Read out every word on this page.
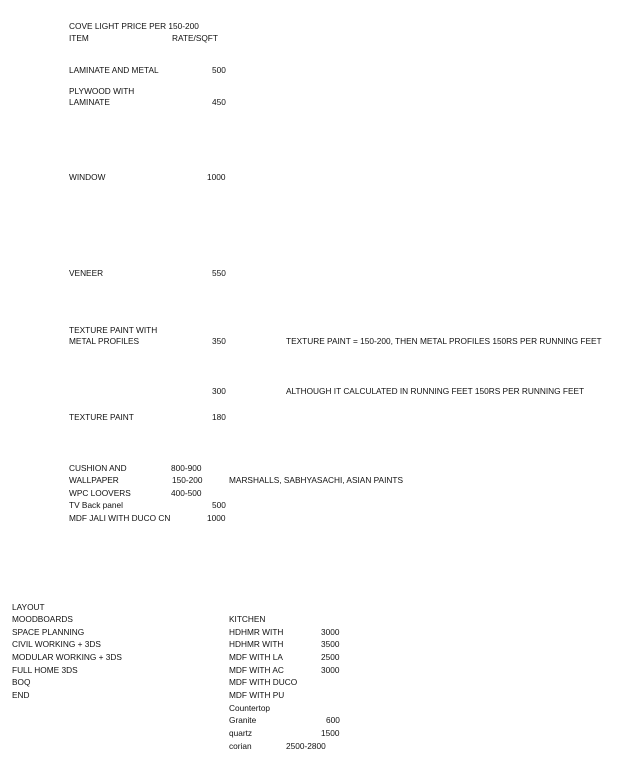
COVE LIGHT PRICE PER 150-200
ITEM	RATE/SQFT
LAMINATE AND METAL	500
PLYWOOD WITH
LAMINATE	450
WINDOW	1000
VENEER	550
TEXTURE PAINT WITH
METAL PROFILES	350	TEXTURE PAINT = 150-200, THEN METAL PROFILES 150RS PER RUNNING FEET
300	ALTHOUGH IT CALCULATED IN RUNNING FEET 150RS PER RUNNING FEET
TEXTURE PAINT	180
CUSHION AND	800-900
WALLPAPER	150-200	MARSHALLS, SABHYASACHI, ASIAN PAINTS
WPC LOOVERS	400-500
TV Back panel	500
MDF JALI WITH DUCO CN	1000
LAYOUT
MOODBOARDS
SPACE PLANNING
CIVIL WORKING + 3DS
MODULAR WORKING + 3DS
FULL HOME 3DS
BOQ
END
KITCHEN
HDHMR WITH	3000
HDHMR WITH	3500
MDF WITH LA	2500
MDF WITH AC	3000
MDF WITH DUCO
MDF WITH PU
Countertop
Granite	600
quartz	1500
corian	2500-2800
